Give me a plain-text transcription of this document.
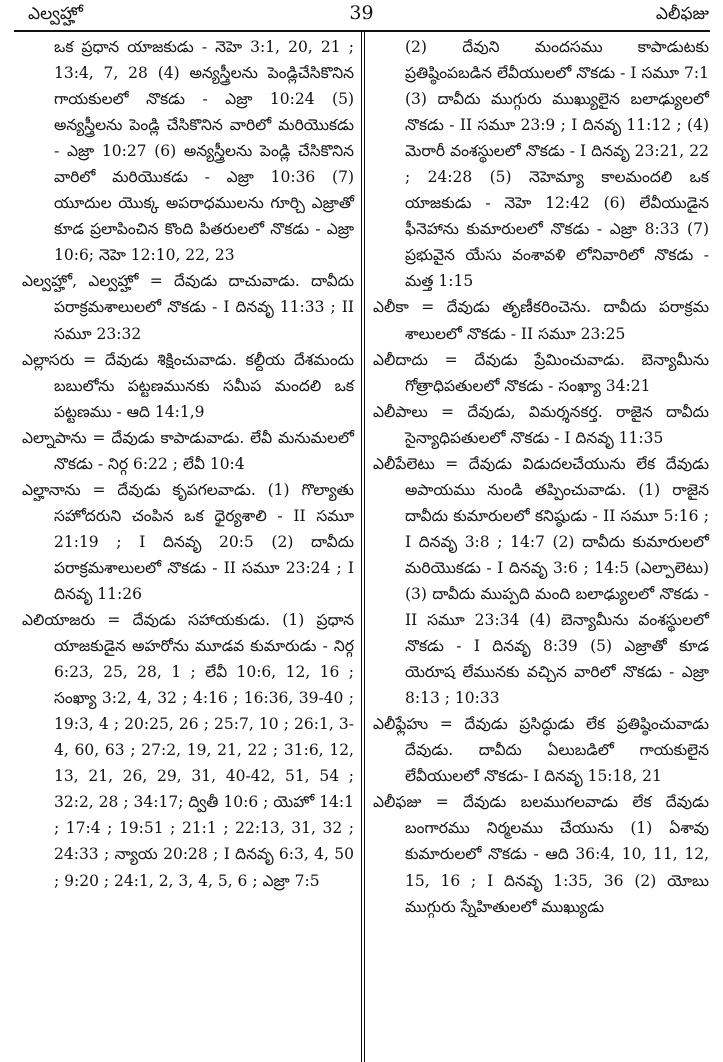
ఎల్వహ్హో	39	ఎలీఫజు

ఒక ప్రధాన యాజకుడు - నెహె 3:1, 20, 21 ; 13:4, 7, 28 (4) అన్యస్త్రీలను పెండ్లిచేసికొనిన గాయకులలో నొకడు - ఎజ్రా 10:24 (5) అన్యస్త్రీలను పెండ్లి చేసికొనిన వారిలో మరియొకడు - ఎజ్రా 10:27 (6) అన్యస్త్రీలను పెండ్లి చేసికొనిన వారిలో మరియొకడు - ఎజ్రా 10:36 (7) యూదుల యొక్క అపరాధములను గూర్చి ఎజ్రాతో కూడ ప్రలాపించిన కొంది పితరులలో నొకడు - ఎజ్రా 10:6; నెహె 12:10, 22, 23

ఎల్వహ్హో, ఎల్వహ్హో = దేవుడు దాచువాడు. దావీదు పరాక్రమశాలులలో నొకడు - I దినవృ 11:33 ; II సమూ 23:32

ఎల్లాసరు = దేవుడు శిక్షించువాడు. కల్దీయ దేశమందు బబులోను పట్టణమునకు సమీప మందలి ఒక పట్టణము - ఆది 14:1,9

ఎల్నాపాను = దేవుడు కాపాడువాడు. లేవీ మనుమలలో నొకడు - నిర్గ 6:22 ; లేవీ 10:4

ఎల్హానాను = దేవుడు కృపగలవాడు. (1) గొల్యాతు సహోదరుని చంపిన ఒక ధైర్యశాలి - II సమూ 21:19 ; I దినవృ 20:5 (2) దావీదు పరాక్రమశాలులలో నొకడు - II సమూ 23:24 ; I దినవృ 11:26

ఎలియాజరు = దేవుడు సహాయకుడు. (1) ప్రధాన యాజకుడైన అహరోను మూడవ కుమారుడు - నిర్గ 6:23, 25, 28, 1 ; లేవీ 10:6, 12, 16 ; సంఖ్యా 3:2, 4, 32 ; 4:16 ; 16:36, 39-40 ; 19:3, 4 ; 20:25, 26 ; 25:7, 10 ; 26:1, 3-4, 60, 63 ; 27:2, 19, 21, 22 ; 31:6, 12, 13, 21, 26, 29, 31, 40-42, 51, 54 ; 32:2, 28 ; 34:17; ద్వితీ 10:6 ; యెహో 14:1 ; 17:4 ; 19:51 ; 21:1 ; 22:13, 31, 32 ; 24:33 ; న్యాయ 20:28 ; I దినవృ 6:3, 4, 50 ; 9:20 ; 24:1, 2, 3, 4, 5, 6 ; ఎజ్రా 7:5

(2) దేవుని మందసము కాపాడుటకు ప్రతిష్ఠింపబడిన లేవీయులలో నొకడు - I సమూ 7:1 (3) దావీదు ముగ్గురు ముఖ్యులైన బలాఢ్యులలో నొకడు - II సమూ 23:9 ; I దినవృ 11:12 ; (4) మెరారీ వంశస్థులలో నొకడు - I దినవృ 23:21, 22 ; 24:28 (5) నెహెమ్యా కాలమందలి ఒక యాజకుడు - నెహె 12:42 (6) లేవీయుడైన ఫీనెహాను కుమారులలో నొకడు - ఎజ్రా 8:33 (7) ప్రభువైన యేసు వంశావళి లోనివారిలో నొకడు - మత్త 1:15

ఎలీకా = దేవుడు తృణీకరించెను. దావీదు పరాక్రమ శాలులలో నొకడు - II సమూ 23:25

ఎలీదాదు = దేవుడు ప్రేమించువాడు. బెన్యామీను గోత్రాధిపతులలో నొకడు - సంఖ్యా 34:21

ఎలీపాలు = దేవుడు, విమర్శనకర్త. రాజైన దావీదు సైన్యాధిపతులలో నొకడు - I దినవృ 11:35

ఎలీపేలెటు = దేవుడు విడుదలచేయును లేక దేవుడు అపాయము నుండి తప్పించువాడు. (1) రాజైన దావీదు కుమారులలో కనిష్ఠుడు - II సమూ 5:16 ; I దినవృ 3:8 ; 14:7 (2) దావీదు కుమారులలో మరియొకడు - I దినవృ 3:6 ; 14:5 (ఎల్పాలెటు) (3) దావీదు ముప్పది మంది బలాఢ్యులలో నొకడు - II సమూ 23:34 (4) బెన్యామీను వంశస్థులలో నొకడు - I దినవృ 8:39 (5) ఎజ్రాతో కూడ యెరూష లేమునకు వచ్చిన వారిలో నొకడు - ఎజ్రా 8:13 ; 10:33

ఎలీఫ్లేహు = దేవుడు ప్రసిద్ధుడు లేక ప్రతిష్ఠించువాడు దేవుడు. దావీదు ఏలుబడిలో గాయకులైన లేవీయులలో నొకడు- I దినవృ 15:18, 21

ఎలీఫజు = దేవుడు బలముగలవాడు లేక దేవుడు బంగారము నిర్మలము చేయును (1) ఏశావు కుమారులలో నొకడు - ఆది 36:4, 10, 11, 12, 15, 16 ; I దినవృ 1:35, 36 (2) యోబు ముగ్గురు స్నేహితులలో ముఖ్యుడు
